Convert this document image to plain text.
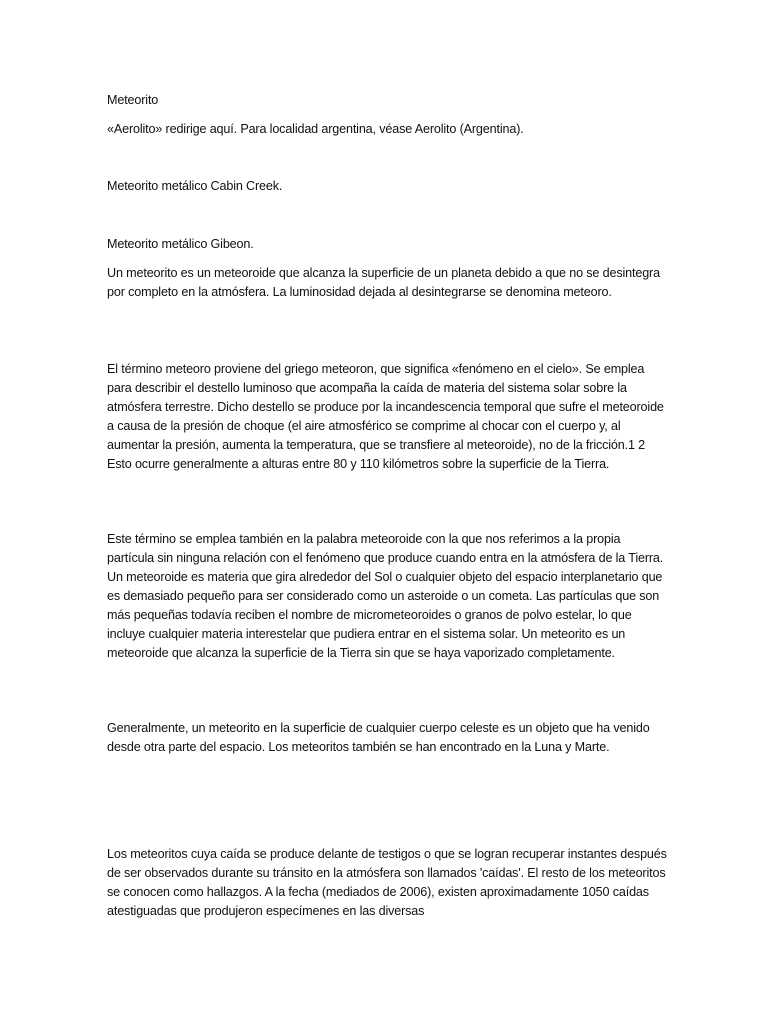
Meteorito

«Aerolito» redirige aquí. Para localidad argentina, véase Aerolito (Argentina).

Meteorito metálico Cabin Creek.

Meteorito metálico Gibeon.

Un meteorito es un meteoroide que alcanza la superficie de un planeta debido a que no se desintegra por completo en la atmósfera. La luminosidad dejada al desintegrarse se denomina meteoro.

El término meteoro proviene del griego meteoron, que significa «fenómeno en el cielo». Se emplea para describir el destello luminoso que acompaña la caída de materia del sistema solar sobre la atmósfera terrestre. Dicho destello se produce por la incandescencia temporal que sufre el meteoroide a causa de la presión de choque (el aire atmosférico se comprime al chocar con el cuerpo y, al aumentar la presión, aumenta la temperatura, que se transfiere al meteoroide), no de la fricción.1 2 Esto ocurre generalmente a alturas entre 80 y 110 kilómetros sobre la superficie de la Tierra.

Este término se emplea también en la palabra meteoroide con la que nos referimos a la propia partícula sin ninguna relación con el fenómeno que produce cuando entra en la atmósfera de la Tierra. Un meteoroide es materia que gira alrededor del Sol o cualquier objeto del espacio interplanetario que es demasiado pequeño para ser considerado como un asteroide o un cometa. Las partículas que son más pequeñas todavía reciben el nombre de micrometeoroides o granos de polvo estelar, lo que incluye cualquier materia interestelar que pudiera entrar en el sistema solar. Un meteorito es un meteoroide que alcanza la superficie de la Tierra sin que se haya vaporizado completamente.

Generalmente, un meteorito en la superficie de cualquier cuerpo celeste es un objeto que ha venido desde otra parte del espacio. Los meteoritos también se han encontrado en la Luna y Marte.

Los meteoritos cuya caída se produce delante de testigos o que se logran recuperar instantes después de ser observados durante su tránsito en la atmósfera son llamados 'caídas'. El resto de los meteoritos se conocen como hallazgos. A la fecha (mediados de 2006), existen aproximadamente 1050 caídas atestiguadas que produjeron especímenes en las diversas
